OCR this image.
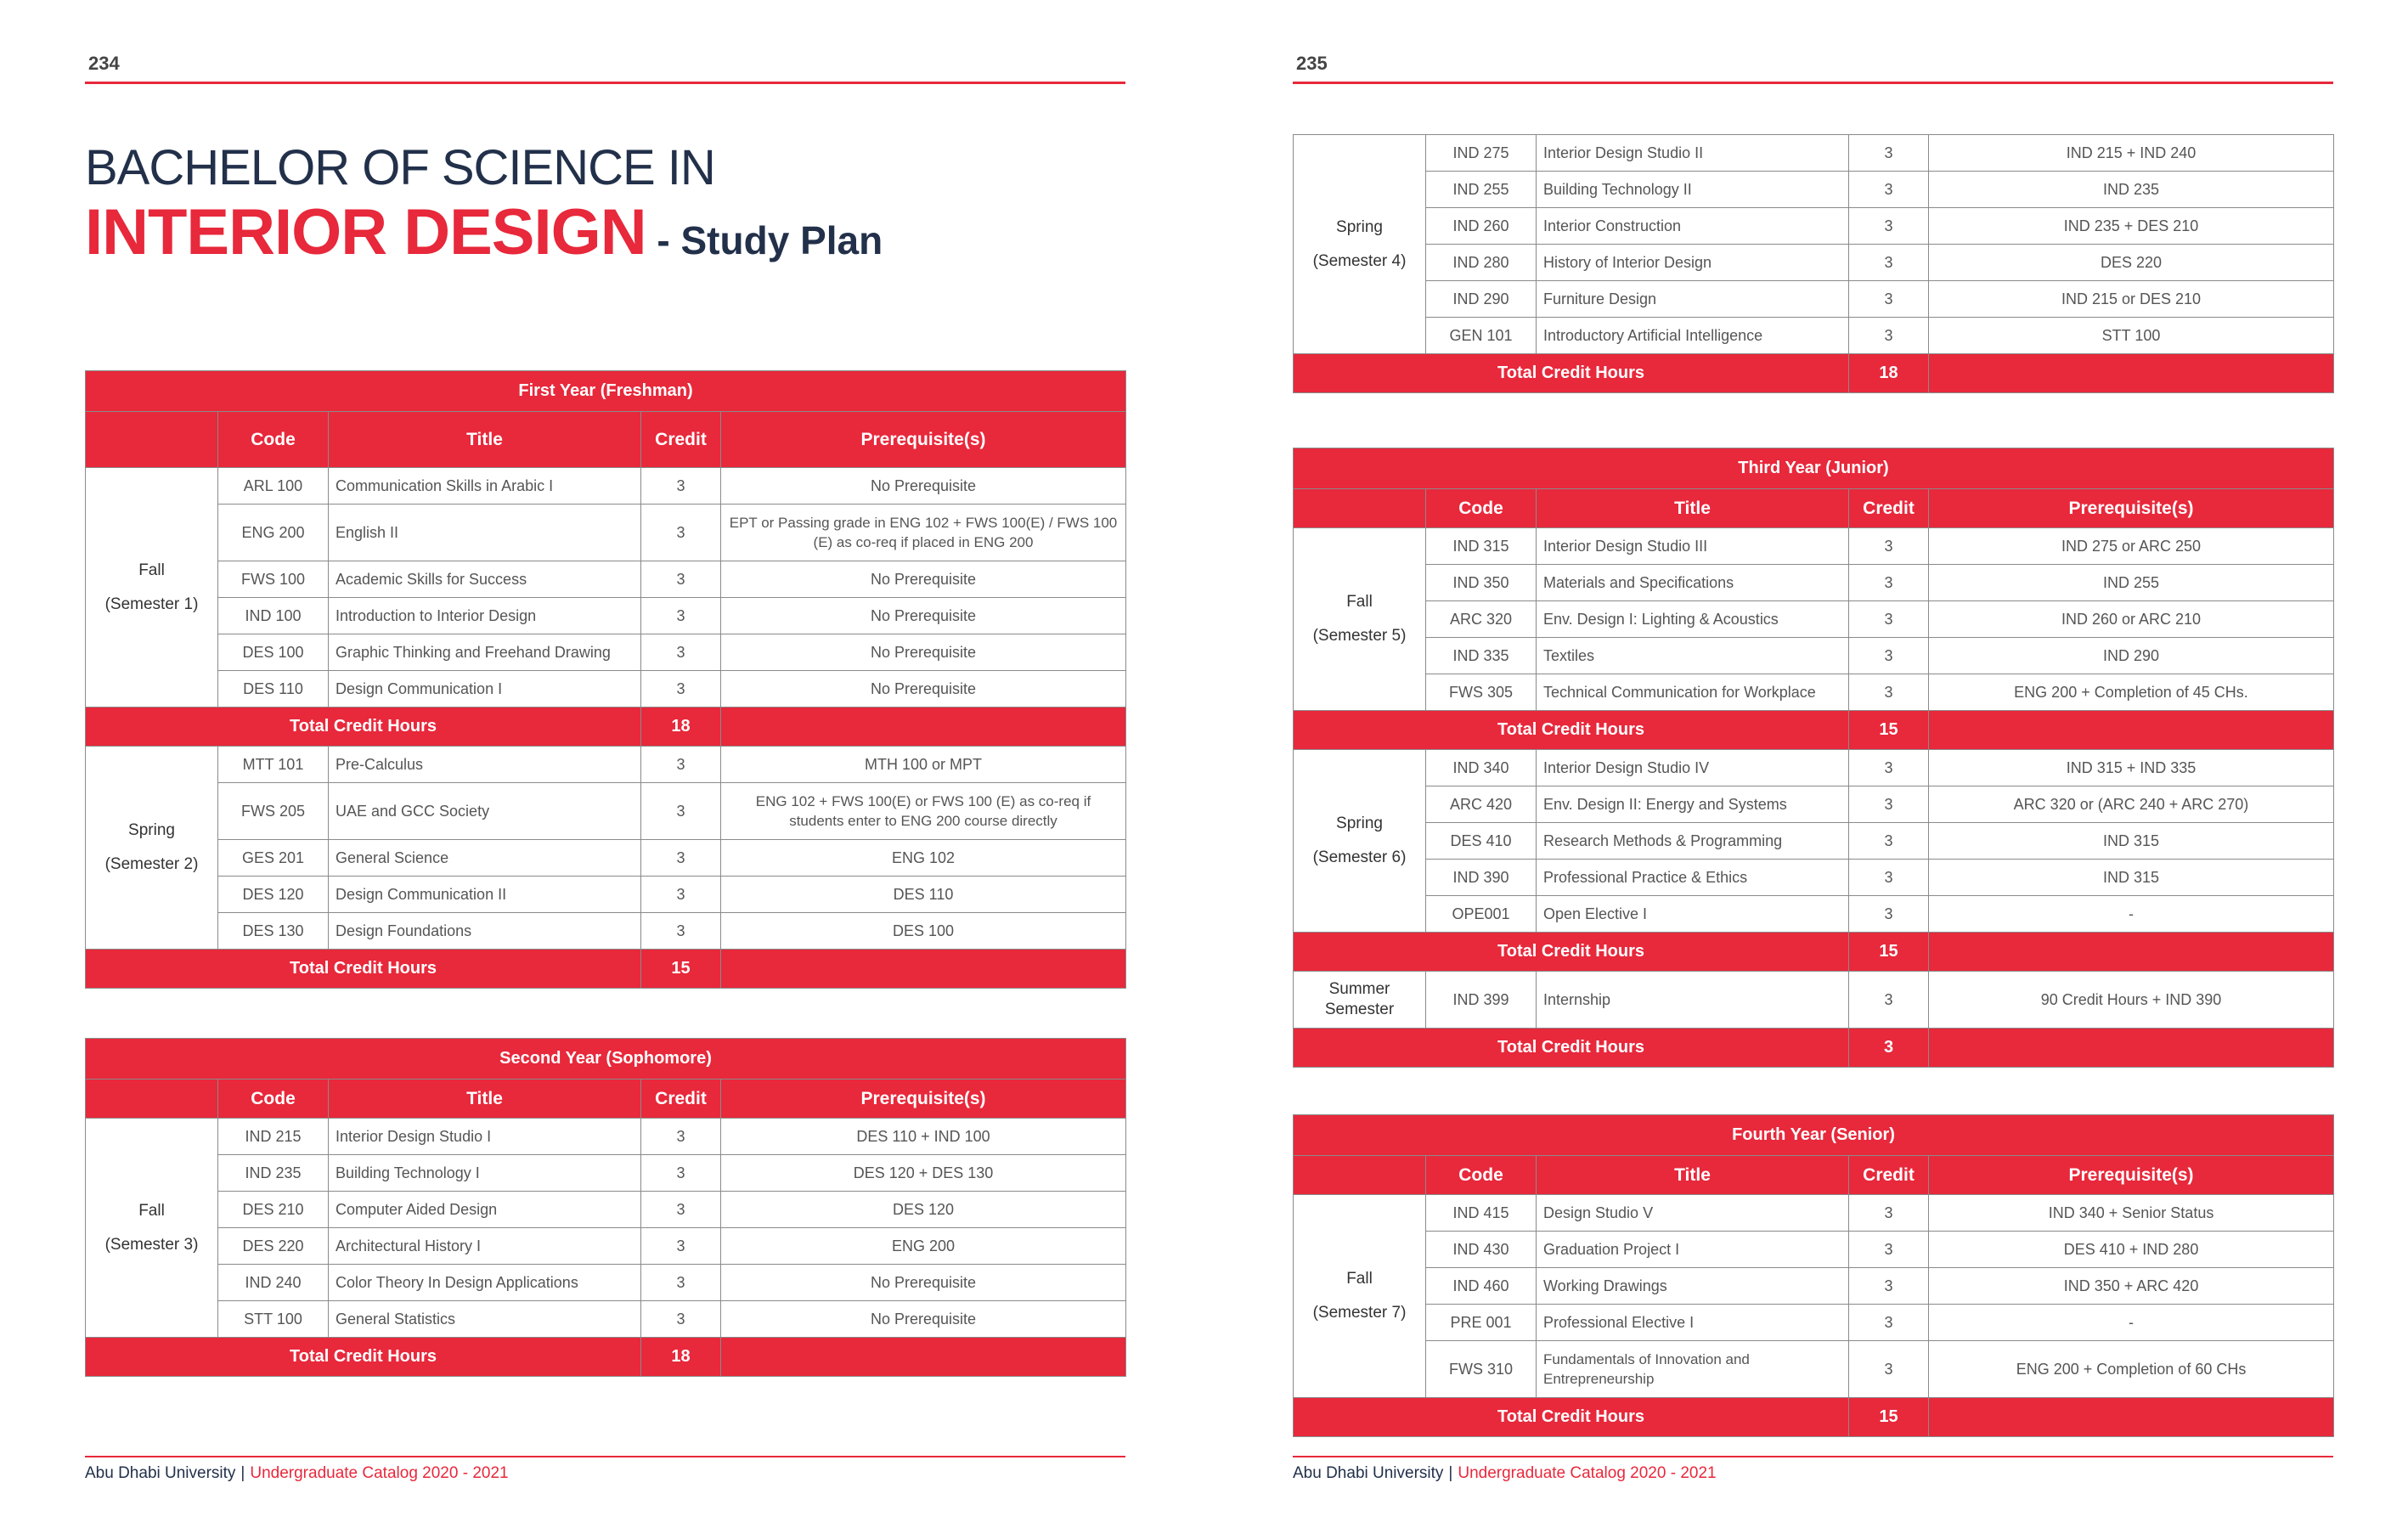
234
BACHELOR OF SCIENCE IN
INTERIOR DESIGN - Study Plan
First Year (Freshman)				
	Code	Title	Credit	Prerequisite(s)

Fall
(Semester 1)	ARL 100	Communication Skills in Arabic I	3	No Prerequisite
	ENG 200	English II	3	EPT or Passing grade in ENG 102 + FWS 100(E) / FWS 100 (E) as co-req if placed in ENG 200
	FWS 100	Academic Skills for Success	3	No Prerequisite
	IND 100	Introduction to Interior Design	3	No Prerequisite
	DES 100	Graphic Thinking and Freehand Drawing	3	No Prerequisite
	DES 110	Design Communication I	3	No Prerequisite
Total Credit Hours			18	

Spring
(Semester 2)	MTT 101	Pre-Calculus	3	MTH 100 or MPT
	FWS 205	UAE and GCC Society	3	ENG 102 + FWS 100(E) or FWS 100 (E) as co-req if students enter to ENG 200 course directly
	GES 201	General Science	3	ENG 102
	DES 120	Design Communication II	3	DES 110
	DES 130	Design Foundations	3	DES 100
Total Credit Hours			15	
Second Year (Sophomore)				
	Code	Title	Credit	Prerequisite(s)

Fall
(Semester 3)	IND 215	Interior Design Studio I	3	DES 110 + IND 100
	IND 235	Building Technology I	3	DES 120 + DES 130
	DES 210	Computer Aided Design	3	DES 120
	DES 220	Architectural History I	3	ENG 200
	IND 240	Color Theory In Design Applications	3	No Prerequisite
	STT 100	General Statistics	3	No Prerequisite
Total Credit Hours			18	
Abu Dhabi University | Undergraduate Catalog 2020 - 2021
235
Spring
(Semester 4)	IND 275	Interior Design Studio II	3	IND 215 + IND 240
	IND 255	Building Technology II	3	IND 235
	IND 260	Interior Construction	3	IND 235 + DES 210
	IND 280	History of Interior Design	3	DES 220
	IND 290	Furniture Design	3	IND 215 or DES 210
	GEN 101	Introductory Artificial Intelligence	3	STT 100
Total Credit Hours			18	
Third Year (Junior)				
	Code	Title	Credit	Prerequisite(s)

Fall
(Semester 5)	IND 315	Interior Design Studio III	3	IND 275 or ARC 250
	IND 350	Materials and Specifications	3	IND 255
	ARC 320	Env. Design I: Lighting & Acoustics	3	IND 260 or ARC 210
	IND 335	Textiles	3	IND 290
	FWS 305	Technical Communication for Workplace	3	ENG 200 + Completion of 45 CHs.
Total Credit Hours			15	

Spring
(Semester 6)	IND 340	Interior Design Studio IV	3	IND 315 + IND 335
	ARC 420	Env. Design II: Energy and Systems	3	ARC 320 or (ARC 240 + ARC 270)
	DES 410	Research Methods & Programming	3	IND 315
	IND 390	Professional Practice & Ethics	3	IND 315
	OPE001	Open Elective I	3	-
Total Credit Hours			15	
Summer Semester	IND 399	Internship	3	90 Credit Hours + IND 390
Total Credit Hours			3	
Fourth Year (Senior)				
	Code	Title	Credit	Prerequisite(s)

Fall
(Semester 7)	IND 415	Design Studio V	3	IND 340 + Senior Status
	IND 430	Graduation Project I	3	DES 410 + IND 280
	IND 460	Working Drawings	3	IND 350 + ARC 420
	PRE 001	Professional Elective I	3	-
	FWS 310	Fundamentals of Innovation and Entrepreneurship	3	ENG 200 + Completion of 60 CHs
Total Credit Hours			15	
Abu Dhabi University | Undergraduate Catalog 2020 - 2021
